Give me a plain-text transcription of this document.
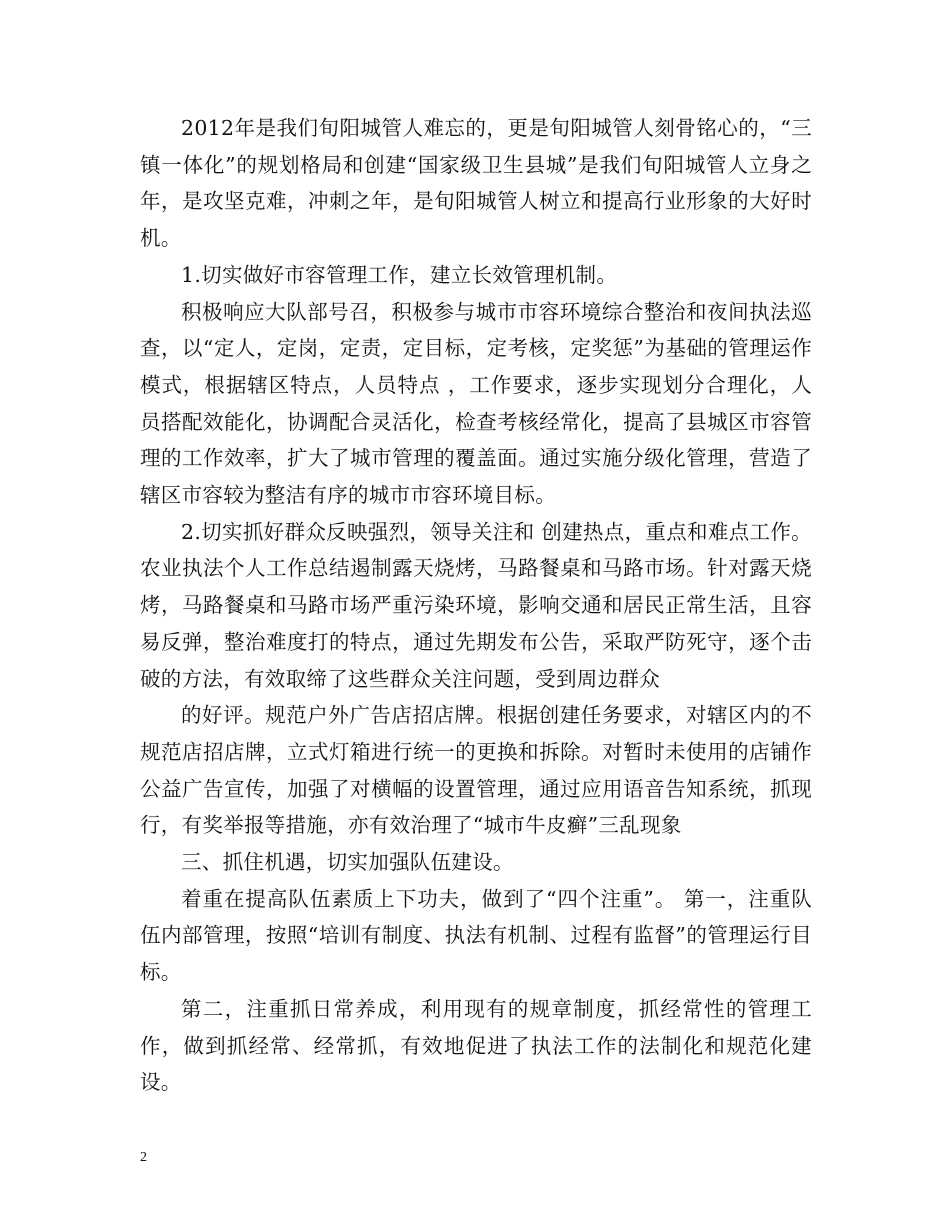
2012年是我们旬阳城管人难忘的，更是旬阳城管人刻骨铭心的，“三镇一体化”的规划格局和创建“国家级卫生县城”是我们旬阳城管人立身之年，是攻坚克难，冲刺之年，是旬阳城管人树立和提高行业形象的大好时机。

1.切实做好市容管理工作，建立长效管理机制。

积极响应大队部号召，积极参与城市市容环境综合整治和夜间执法巡查，以“定人，定岗，定责，定目标，定考核，定奖惩”为基础的管理运作模式，根据辖区特点，人员特点 ，工作要求，逐步实现划分合理化，人员搭配效能化，协调配合灵活化，检查考核经常化，提高了县城区市容管理的工作效率，扩大了城市管理的覆盖面。通过实施分级化管理，营造了辖区市容较为整洁有序的城市市容环境目标。

2.切实抓好群众反映强烈，领导关注和 创建热点，重点和难点工作。农业执法个人工作总结遏制露天烧烤，马路餐桌和马路市场。针对露天烧烤，马路餐桌和马路市场严重污染环境，影响交通和居民正常生活，且容易反弹，整治难度打的特点，通过先期发布公告，采取严防死守，逐个击破的方法，有效取缔了这些群众关注问题，受到周边群众

的好评。规范户外广告店招店牌。根据创建任务要求，对辖区内的不规范店招店牌，立式灯箱进行统一的更换和拆除。对暂时未使用的店铺作公益广告宣传，加强了对横幅的设置管理，通过应用语音告知系统，抓现行，有奖举报等措施，亦有效治理了“城市牛皮癣”三乱现象

三、抓住机遇，切实加强队伍建设。

着重在提高队伍素质上下功夫，做到了“四个注重”。 第一，注重队伍内部管理，按照“培训有制度、执法有机制、过程有监督”的管理运行目标。

第二，注重抓日常养成，利用现有的规章制度，抓经常性的管理工作，做到抓经常、经常抓，有效地促进了执法工作的法制化和规范化建设。

2
